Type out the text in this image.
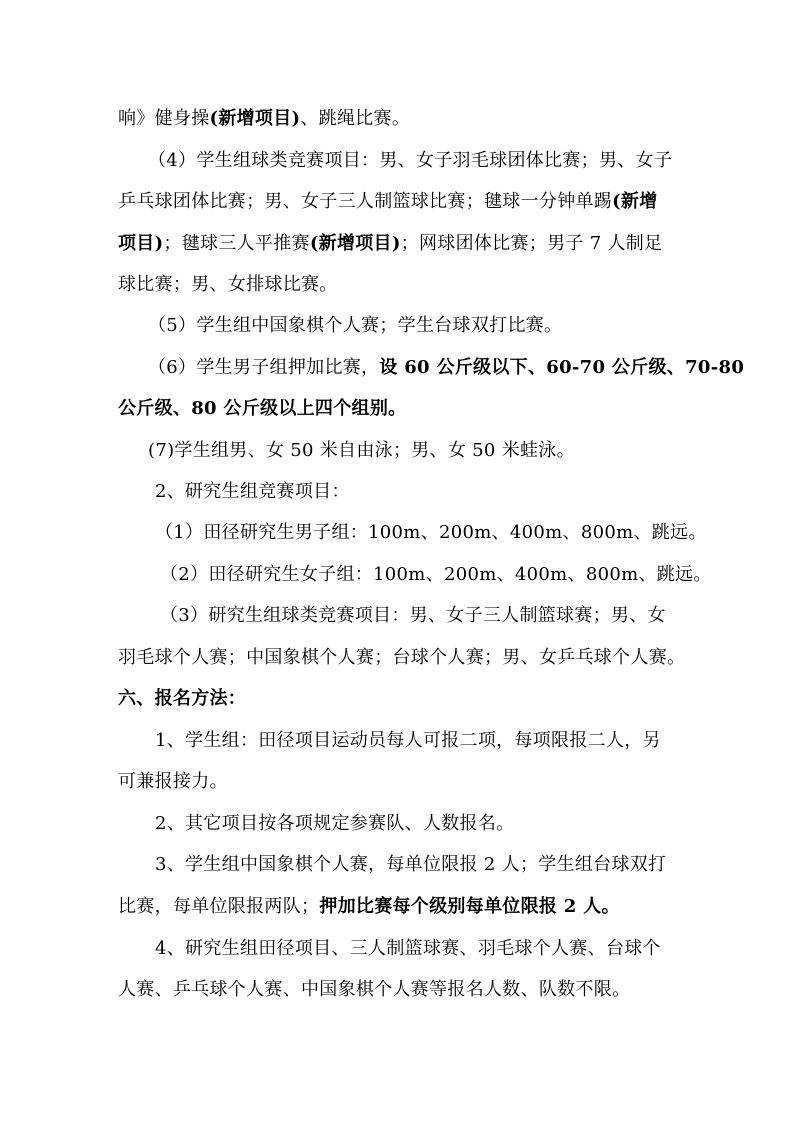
响》健身操(新增项目)、跳绳比赛。
（4）学生组球类竞赛项目：男、女子羽毛球团体比赛；男、女子
乒乓球团体比赛；男、女子三人制篮球比赛；毽球一分钟单踢(新增
项目)；毽球三人平推赛(新增项目)；网球团体比赛；男子 7 人制足
球比赛；男、女排球比赛。
（5）学生组中国象棋个人赛；学生台球双打比赛。
（6）学生男子组押加比赛，设 60 公斤级以下、60-70 公斤级、70-80
公斤级、80 公斤级以上四个组别。
(7)学生组男、女 50 米自由泳；男、女 50 米蛙泳。
2、研究生组竞赛项目：
（1）田径研究生男子组：100m、200m、400m、800m、跳远。
（2）田径研究生女子组：100m、200m、400m、800m、跳远。
（3）研究生组球类竞赛项目：男、女子三人制篮球赛；男、女
羽毛球个人赛；中国象棋个人赛；台球个人赛；男、女乒乓球个人赛。
六、报名方法：
1、学生组：田径项目运动员每人可报二项，每项限报二人，另
可兼报接力。
2、其它项目按各项规定参赛队、人数报名。
3、学生组中国象棋个人赛，每单位限报 2 人；学生组台球双打
比赛，每单位限报两队；押加比赛每个级别每单位限报 2 人。
4、研究生组田径项目、三人制篮球赛、羽毛球个人赛、台球个
人赛、乒乓球个人赛、中国象棋个人赛等报名人数、队数不限。
